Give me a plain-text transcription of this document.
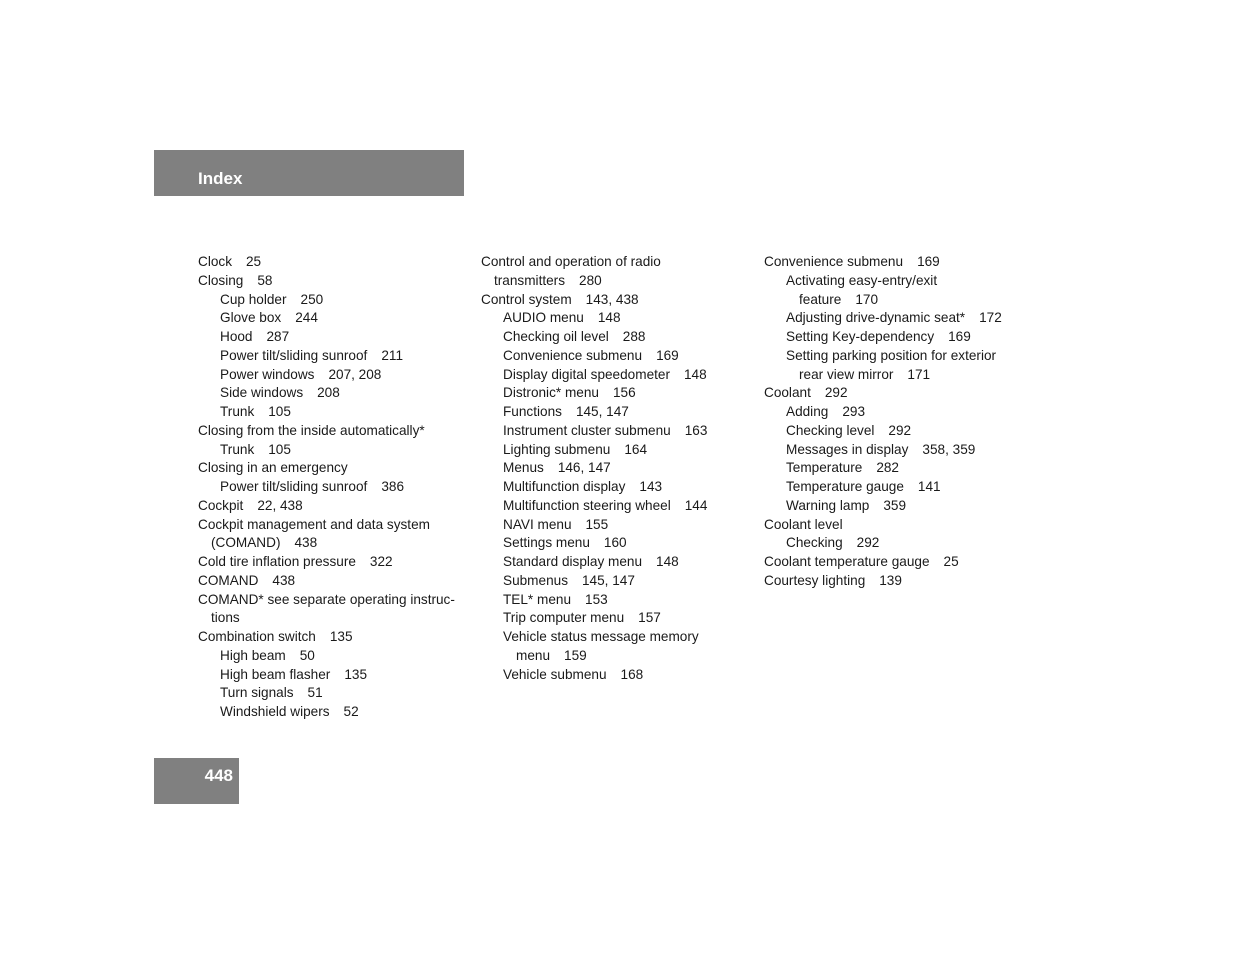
Index
Clock 25
Closing 58
Cup holder 250
Glove box 244
Hood 287
Power tilt/sliding sunroof 211
Power windows 207, 208
Side windows 208
Trunk 105
Closing from the inside automatically*
Trunk 105
Closing in an emergency
Power tilt/sliding sunroof 386
Cockpit 22, 438
Cockpit management and data system
(COMAND) 438
Cold tire inflation pressure 322
COMAND 438
COMAND* see separate operating instruc-
tions
Combination switch 135
High beam 50
High beam flasher 135
Turn signals 51
Windshield wipers 52
Control and operation of radio
transmitters 280
Control system 143, 438
AUDIO menu 148
Checking oil level 288
Convenience submenu 169
Display digital speedometer 148
Distronic* menu 156
Functions 145, 147
Instrument cluster submenu 163
Lighting submenu 164
Menus 146, 147
Multifunction display 143
Multifunction steering wheel 144
NAVI menu 155
Settings menu 160
Standard display menu 148
Submenus 145, 147
TEL* menu 153
Trip computer menu 157
Vehicle status message memory
menu 159
Vehicle submenu 168
Convenience submenu 169
Activating easy-entry/exit
feature 170
Adjusting drive-dynamic seat* 172
Setting Key-dependency 169
Setting parking position for exterior
rear view mirror 171
Coolant 292
Adding 293
Checking level 292
Messages in display 358, 359
Temperature 282
Temperature gauge 141
Warning lamp 359
Coolant level
Checking 292
Coolant temperature gauge 25
Courtesy lighting 139
448
